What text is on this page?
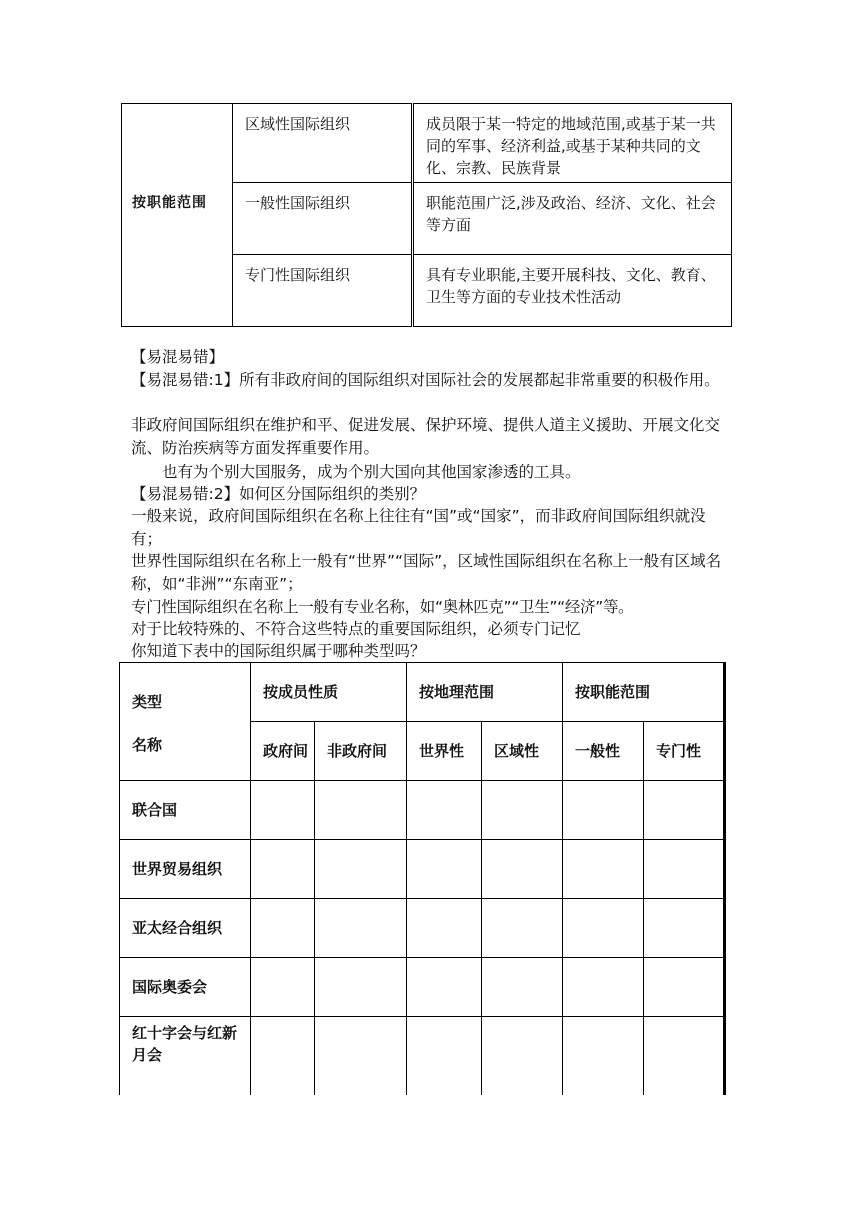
	区域性国际组织	成员限于某一特定的地域范围,或基于某一共同的军事、经济利益,或基于某种共同的文化、宗教、民族背景
按职能范围	一般性国际组织	职能范围广泛,涉及政治、经济、文化、社会等方面
	专门性国际组织	具有专业职能,主要开展科技、文化、教育、卫生等方面的专业技术性活动

【易混易错】

【易混易错:1】所有非政府间的国际组织对国际社会的发展都起非常重要的积极作用。

非政府间国际组织在维护和平、促进发展、保护环境、提供人道主义援助、开展文化交流、防治疾病等方面发挥重要作用。

也有为个别大国服务，成为个别大国向其他国家渗透的工具。

【易混易错:2】如何区分国际组织的类别？

一般来说，政府间国际组织在名称上往往有“国”或“国家”，而非政府间国际组织就没有；

世界性国际组织在名称上一般有“世界”“国际”，区域性国际组织在名称上一般有区域名称，如“非洲”“东南亚”；

专门性国际组织在名称上一般有专业名称，如“奥林匹克”“卫生”“经济”等。

对于比较特殊的、不符合这些特点的重要国际组织，必须专门记忆

你知道下表中的国际组织属于哪种类型吗？

类型
名称	按成员性质		按地理范围		按职能范围	
	政府间	非政府间	世界性	区域性	一般性	专门性
联合国						
世界贸易组织						
亚太经合组织						
国际奥委会						
红十字会与红新月会						
